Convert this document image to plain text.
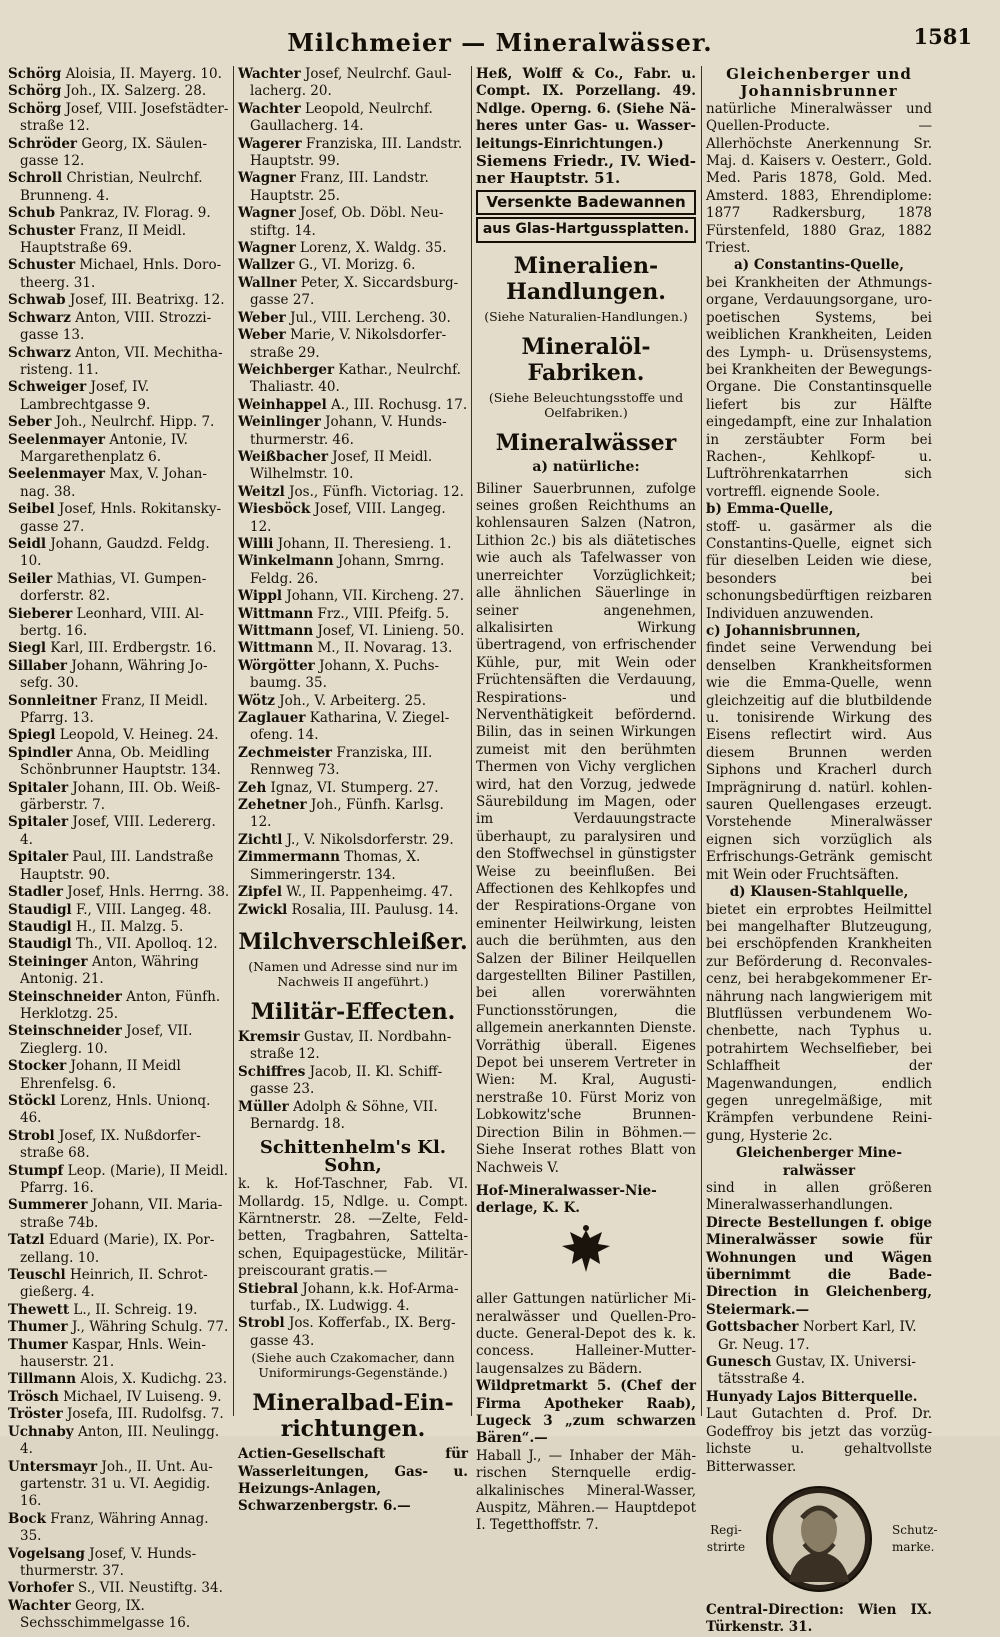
Milchmeier — Mineralwässer.	1581
Schörg Aloisia, II. Mayerg. 10.
Schörg Joh., IX. Salzerg. 28.
Schörg Josef, VIII. Josefstädterstraße 12.
Schröder Georg, IX. Säulengasse 12.
Schroll Christian, Neulrchf. Brunneng. 4.
Schub Pankraz, IV. Florag. 9.
Schuster Franz, II Meidl. Hauptstraße 69.
Schuster Michael, Hnls. Dorotheerg. 31.
Schwab Josef, III. Beatrixg. 12.
Schwarz Anton, VIII. Strozzigasse 13.
Schwarz Anton, VII. Mechitharisteng. 11.
Schweiger Josef, IV. Lambrechtgasse 9.
Seber Joh., Neulrchf. Hipp. 7.
Seelenmayer Antonie, IV. Margarethenplatz 6.
Seelenmayer Max, V. Johannag. 38.
Seibel Josef, Hnls. Rokitanskygasse 27.
Seidl Johann, Gaudzd. Feldg. 10.
Seiler Mathias, VI. Gumpendorferstr. 82.
Sieberer Leonhard, VIII. Albertg. 16.
Siegl Karl, III. Erdbergstr. 16.
Sillaber Johann, Währing Josefg. 30.
Sonnleitner Franz, II Meidl. Pfarrg. 13.
Spiegl Leopold, V. Heineg. 24.
Spindler Anna, Ob. Meidling Schönbrunner Hauptstr. 134.
Spitaler Johann, III. Ob. Weißgärberstr. 7.
Spitaler Josef, VIII. Ledererg. 4.
Spitaler Paul, III. Landstraße Hauptstr. 90.
Stadler Josef, Hnls. Herrng. 38.
Staudigl F., VIII. Langeg. 48.
Staudigl H., II. Malzg. 5.
Staudigl Th., VII. Apolloq. 12.
Steininger Anton, Währing Antonig. 21.
Steinschneider Anton, Fünfh. Herklotzg. 25.
Steinschneider Josef, VII. Zieglerg. 10.
Stocker Johann, II Meidl Ehrenfelsg. 6.
Stöckl Lorenz, Hnls. Unionq. 46.
Strobl Josef, IX. Nußdorferstraße 68.
Stumpf Leop. (Marie), II Meidl. Pfarrg. 16.
Summerer Johann, VII. Mariastraße 74b.
Tatzl Eduard (Marie), IX. Porzellang. 10.
Teuschl Heinrich, II. Schrotgießerg. 4.
Thewett L., II. Schreig. 19.
Thumer J., Währing Schulg. 77.
Thumer Kaspar, Hnls. Weinhauserstr. 21.
Tillmann Alois, X. Kudichg. 23.
Trösch Michael, IV Luiseng. 9.
Tröster Josefa, III. Rudolfsg. 7.
Uchnaby Anton, III. Neulingg. 4.
Untersmayr Joh., II. Unt. Augartenstr. 31 u. VI. Aegidig. 16.
Bock Franz, Währing Annag. 35.
Vogelsang Josef, V. Hundsthurmerstr. 37.
Vorhofer S., VII. Neustiftg. 34.
Wachter Georg, IX. Sechsschimmelgasse 16.
Wachter Josef, Neulrchf. Gaullacherg. 20.
Wachter Leopold, Neulrchf. Gaullacherg. 14.
Wagerer Franziska, III. Landstr. Hauptstr. 99.
Wagner Franz, III. Landstr. Hauptstr. 25.
Wagner Josef, Ob. Döbl. Neustiftg. 14.
Wagner Lorenz, X. Waldg. 35.
Wallzer G., VI. Morizg. 6.
Wallner Peter, X. Siccardsburggasse 27.
Weber Jul., VIII. Lercheng. 30.
Weber Marie, V. Nikolsdorferstraße 29.
Weichberger Kathar., Neulrchf. Thaliastr. 40.
Weinhappel A., III. Rochusg. 17.
Weinlinger Johann, V. Hundsthurmerstr. 46.
Weißbacher Josef, II Meidl. Wilhelmstr. 10.
Weitzl Jos., Fünfh. Victoriag. 12.
Wiesböck Josef, VIII. Langeg. 12.
Willi Johann, II. Theresieng. 1.
Winkelmann Johann, Smrng. Feldg. 26.
Wippl Johann, VII. Kircheng. 27.
Wittmann Frz., VIII. Pfeifg. 5.
Wittmann Josef, VI. Linieng. 50.
Wittmann M., II. Novarag. 13.
Wörgötter Johann, X. Puchsbaumg. 35.
Wötz Joh., V. Arbeiterg. 25.
Zaglauer Katharina, V. Ziegelofeng. 14.
Zechmeister Franziska, III. Rennweg 73.
Zeh Ignaz, VI. Stumperg. 27.
Zehetner Joh., Fünfh. Karlsg. 12.
Zichtl J., V. Nikolsdorferstr. 29.
Zimmermann Thomas, X. Simmeringerstr. 134.
Zipfel W., II. Pappenheimg. 47.
Zwickl Rosalia, III. Paulusg. 14.
Milchverschleißer.
(Namen und Adresse sind nur im Nachweis II angeführt.)
Militär-Effecten.
Kremsir Gustav, II. Nordbahnstraße 12.
Schiffres Jacob, II. Kl. Schiffgasse 23.
Müller Adolph & Söhne, VII. Bernardg. 18.
Schittenhelm's Kl. Sohn,
k. k. Hof-Taschner, Fab. VI. Mollardg. 15, Ndlge. u. Compt. Kärntnerstr. 28. —Zelte, Feldbetten, Tragbahren, Satteltaschen, Equipagestücke, Militärpreiscourant gratis.—
Stiebral Johann, k.k. Hof-Armaturfab., IX. Ludwigg. 4.
Strobl Jos. Kofferfab., IX. Berggasse 43.
(Siehe auch Czakomacher, dann Uniformirungs-Gegenstände.)
Mineralbad-Einrichtungen.
Actien-Gesellschaft für Wasserleitungen, Gas- u. Heizungs-Anlagen, Schwarzenbergstr. 6.—
Heß, Wolff & Co., Fabr. u. Compt. IX. Porzellang. 49. Ndlge. Operng. 6. (Siehe Näheres unter Gas- u. Wasserleitungs-Einrichtungen.)
Siemens Friedr., IV. Wiedner Hauptstr. 51.
Versenkte Badewannen
aus Glas-Hartgussplatten.
Mineralien-Handlungen.
(Siehe Naturalien-Handlungen.)
Mineralöl-Fabriken.
(Siehe Beleuchtungsstoffe und Oelfabriken.)
Mineralwässer
a) natürliche:
Biliner Sauerbrunnen, zufolge seines großen Reichthums an kohlensauren Salzen (Natron, Lithion 2c.) bis als diätetisches wie auch als Tafelwasser von unerreichter Vorzüglichkeit; alle ähnlichen Säuerlinge in seiner angenehmen, alkalisirten Wirkung übertragend, von erfrischender Kühle, pur, mit Wein oder Früchtensäften die Verdauung, Respirations- und Nerventhätigkeit befördernd. Bilin, das in seinen Wirkungen zumeist mit den berühmten Thermen von Vichy verglichen wird, hat den Vorzug, jedwede Säurebildung im Magen, oder im Verdauungstracte überhaupt, zu paralysiren und den Stoffwechsel in günstigster Weise zu beeinflußen. Bei Affectionen des Kehlkopfes und der Respirations-Organe von eminenter Heilwirkung, leisten auch die berühmten, aus den Salzen der Biliner Heilquellen dargestellten Biliner Pastillen, bei allen vorerwähnten Functionsstörungen, die allgemein anerkannten Dienste. Vorräthig überall. Eigenes Depot bei unserem Vertreter in Wien: M. Kral, Augustinerstraße 10. Fürst Moriz von Lobkowitz'sche Brunnen-Direction Bilin in Böhmen.— Siehe Inserat rothes Blatt von Nachweis V.
Hof-Mineralwasser-Niederlage, K. K.
aller Gattungen natürlicher Mineralwässer und Quellen-Producte. General-Depot des k. k. concess. Halleiner-Mutterlaugensalzes zu Bädern.
Wildpretmarkt 5. (Chef der Firma Apotheker Raab), Lugeck 3 „zum schwarzen Bären“.—
Haball J., — Inhaber der Mährischen Sternquelle erdigalkalinisches Mineral-Wasser, Auspitz, Mähren.— Hauptdepot I. Tegetthoffstr. 7.
Gleichenberger und Johannisbrunner
natürliche Mineralwässer und Quellen-Producte. —Allerhöchste Anerkennung Sr. Maj. d. Kaisers v. Oesterr., Gold. Med. Paris 1878, Gold. Med. Amsterd. 1883, Ehrendiplome: 1877 Radkersburg, 1878 Fürstenfeld, 1880 Graz, 1882 Triest.
a) Constantins-Quelle,
bei Krankheiten der Athmungsorgane, Verdauungsorgane, uropoetischen Systems, bei weiblichen Krankheiten, Leiden des Lymph- u. Drüsensystems, bei Krankheiten der Bewegungs-Organe. Die Constantinsquelle liefert bis zur Hälfte eingedampft, eine zur Inhalation in zerstäubter Form bei Rachen-, Kehlkopf- u. Luftröhrenkatarrhen sich vortreffl. eignende Soole.
b) Emma-Quelle,
stoff- u. gasärmer als die Constantins-Quelle, eignet sich für dieselben Leiden wie diese, besonders bei schonungsbedürftigen reizbaren Individuen anzuwenden.
c) Johannisbrunnen,
findet seine Verwendung bei denselben Krankheitsformen wie die Emma-Quelle, wenn gleichzeitig auf die blutbildende u. tonisirende Wirkung des Eisens reflectirt wird. Aus diesem Brunnen werden Siphons und Kracherl durch Imprägnirung d. natürl. kohlensauren Quellengases erzeugt. Vorstehende Mineralwässer eignen sich vorzüglich als Erfrischungs-Getränk gemischt mit Wein oder Fruchtsäften.
d) Klausen-Stahlquelle,
bietet ein erprobtes Heilmittel bei mangelhafter Blutzeugung, bei erschöpfenden Krankheiten zur Beförderung d. Reconvalescenz, bei herabgekommener Ernährung nach langwierigem mit Blutflüssen verbundenem Wochenbette, nach Typhus u. potrahirtem Wechselfieber, bei Schlaffheit der Magenwandungen, endlich gegen unregelmäßige, mit Krämpfen verbundene Reinigung, Hysterie 2c.
Gleichenberger Mineralwässer
sind in allen größeren Mineralwasserhandlungen.
Directe Bestellungen f. obige Mineralwässer sowie für Wohnungen und Wägen übernimmt die Bade-Direction in Gleichenberg, Steiermark.—
Gottsbacher Norbert Karl, IV. Gr. Neug. 17.
Gunesch Gustav, IX. Universitätsstraße 4.
Hunyady Lajos Bitterquelle.
Laut Gutachten d. Prof. Dr. Godeffroy bis jetzt das vorzüglichste u. gehaltvollste Bitterwasser.
Registrirte
Schutzmarke.
Central-Direction: Wien IX. Türkenstr. 31.
